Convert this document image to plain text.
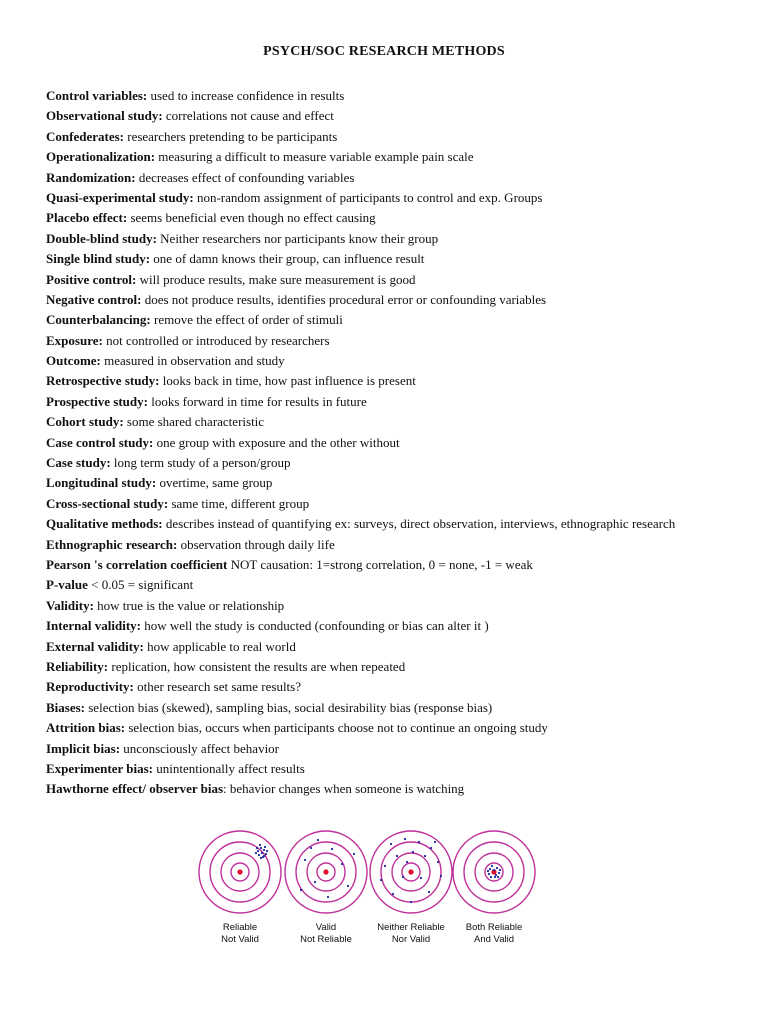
PSYCH/SOC RESEARCH METHODS
Control variables: used to increase confidence in results
Observational study: correlations not cause and effect
Confederates: researchers pretending to be participants
Operationalization: measuring a difficult to measure variable example pain scale
Randomization: decreases effect of confounding variables
Quasi-experimental study: non-random assignment of participants to control and exp. Groups
Placebo effect: seems beneficial even though no effect causing
Double-blind study: Neither researchers nor participants know their group
Single blind study: one of damn knows their group, can influence result
Positive control: will produce results, make sure measurement is good
Negative control: does not produce results, identifies procedural error or confounding variables
Counterbalancing: remove the effect of order of stimuli
Exposure: not controlled or introduced by researchers
Outcome: measured in observation and study
Retrospective study: looks back in time, how past influence is present
Prospective study: looks forward in time for results in future
Cohort study: some shared characteristic
Case control study: one group with exposure and the other without
Case study: long term study of a person/group
Longitudinal study: overtime, same group
Cross-sectional study: same time, different group
Qualitative methods: describes instead of quantifying ex: surveys, direct observation, interviews, ethnographic research
Ethnographic research: observation through daily life
Pearson 's correlation coefficient NOT causation: 1=strong correlation, 0 = none, -1 = weak
P-value < 0.05 = significant
Validity: how true is the value or relationship
Internal validity: how well the study is conducted (confounding or bias can alter it )
External validity: how applicable to real world
Reliability: replication, how consistent the results are when repeated
Reproductivity: other research set same results?
Biases: selection bias (skewed), sampling bias, social desirability bias (response bias)
Attrition bias: selection bias, occurs when participants choose not to continue an ongoing study
Implicit bias: unconsciously affect behavior
Experimenter bias: unintentionally affect results
Hawthorne effect/ observer bias: behavior changes when someone is watching
Reliable
Not Valid
Valid
Not Reliable
Neither Reliable
Nor Valid
Both Reliable
And Valid
